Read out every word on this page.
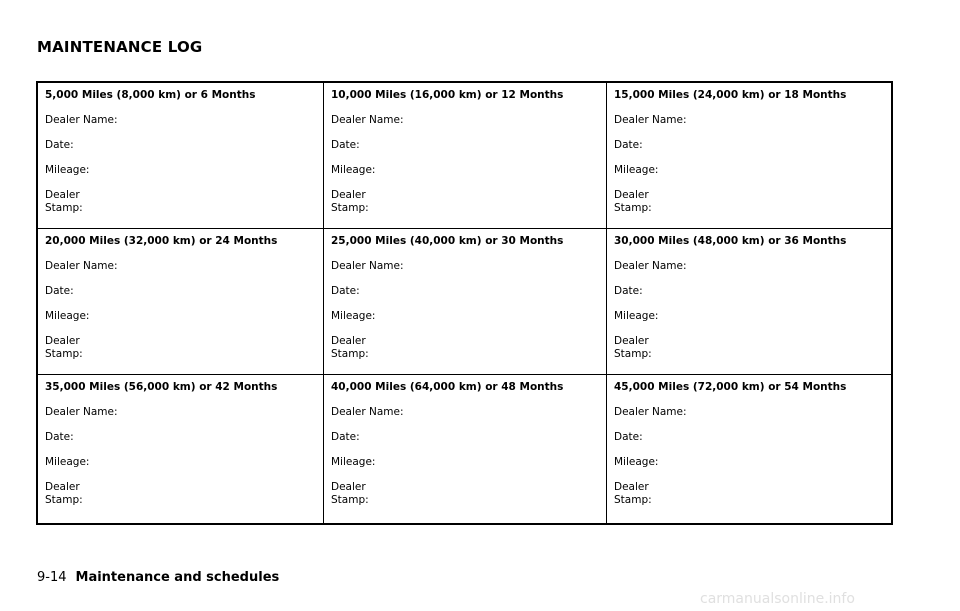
MAINTENANCE LOG
5,000 Miles (8,000 km) or 6 Months
Dealer Name:
Date:
Mileage:
Dealer
Stamp:
10,000 Miles (16,000 km) or 12 Months
Dealer Name:
Date:
Mileage:
Dealer
Stamp:
15,000 Miles (24,000 km) or 18 Months
Dealer Name:
Date:
Mileage:
Dealer
Stamp:
20,000 Miles (32,000 km) or 24 Months
Dealer Name:
Date:
Mileage:
Dealer
Stamp:
25,000 Miles (40,000 km) or 30 Months
Dealer Name:
Date:
Mileage:
Dealer
Stamp:
30,000 Miles (48,000 km) or 36 Months
Dealer Name:
Date:
Mileage:
Dealer
Stamp:
35,000 Miles (56,000 km) or 42 Months
Dealer Name:
Date:
Mileage:
Dealer
Stamp:
40,000 Miles (64,000 km) or 48 Months
Dealer Name:
Date:
Mileage:
Dealer
Stamp:
45,000 Miles (72,000 km) or 54 Months
Dealer Name:
Date:
Mileage:
Dealer
Stamp:
9-14 Maintenance and schedules
carmanualsonline.info
